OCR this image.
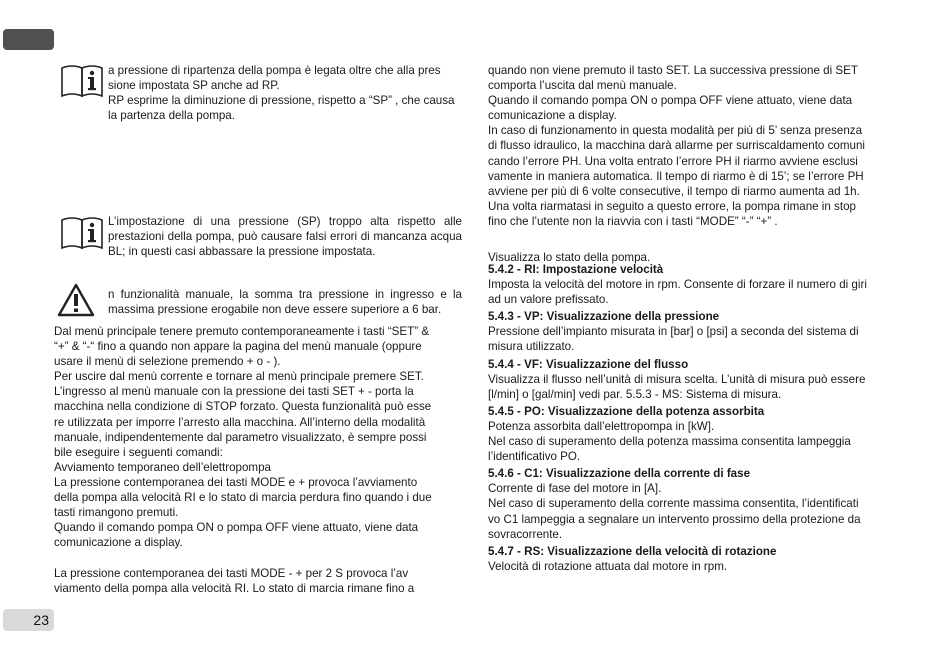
a pressione di ripartenza della pompa è legata oltre che alla pres
sione impostata SP anche ad RP.
RP esprime la diminuzione di pressione, rispetto a “SP” , che causa
la partenza della pompa.

L’impostazione di una pressione (SP) troppo alta rispetto alle prestazioni della pompa, può causare falsi errori di mancanza acqua BL; in questi casi abbassare la pressione impostata.

n funzionalità manuale, la somma tra pressione in ingresso e la massima pressione erogabile non deve essere superiore a 6 bar.

Dal menù principale tenere premuto contemporaneamente i tasti “SET” &
“+” & “-“ fino a quando non appare la pagina del menù manuale (oppure
usare il menù di selezione premendo + o - ).
Per uscire dal menù corrente e tornare al menù principale premere SET.
L’ingresso al menù manuale con la pressione dei tasti SET + - porta la
macchina nella condizione di STOP forzato. Questa funzionalità può esse
re utilizzata per imporre l’arresto alla macchina. All’interno della modalità
manuale, indipendentemente dal parametro visualizzato, è sempre possi
bile eseguire i seguenti comandi:
Avviamento temporaneo dell’elettropompa
La pressione contemporanea dei tasti MODE e + provoca l’avviamento
della pompa alla velocità RI e lo stato di marcia perdura fino quando i due
tasti rimangono premuti.
Quando il comando pompa ON o pompa OFF viene attuato, viene data
comunicazione a display.
La pressione contemporanea dei tasti MODE - + per 2 S provoca l’av
viamento della pompa alla velocità RI. Lo stato di marcia rimane fino a
quando non viene premuto il tasto SET. La successiva pressione di SET
comporta l’uscita dal menù manuale.
Quando il comando pompa ON o pompa OFF viene attuato, viene data
comunicazione a display.
In caso di funzionamento in questa modalità per più di 5’ senza presenza
di flusso idraulico, la macchina darà allarme per surriscaldamento comuni
cando l’errore PH. Una volta entrato l’errore PH il riarmo avviene esclusi
vamente in maniera automatica. Il tempo di riarmo è di 15’; se l’errore PH
avviene per più di 6 volte consecutive, il tempo di riarmo aumenta ad 1h.
Una volta riarmatasi in seguito a questo errore, la pompa rimane in stop
fino che l’utente non la riavvia con i tasti “MODE” “-” “+” .
Visualizza lo stato della pompa.
5.4.2 - RI: Impostazione velocità
Imposta la velocità del motore in rpm. Consente di forzare il numero di giri
ad un valore prefissato.
5.4.3 - VP: Visualizzazione della pressione
Pressione dell’impianto misurata in [bar] o [psi] a seconda del sistema di
misura utilizzato.
5.4.4 - VF: Visualizzazione del flusso
Visualizza il flusso nell’unità di misura scelta. L’unità di misura può essere
[l/min] o [gal/min] vedi par. 5.5.3 - MS: Sistema di misura.
5.4.5 - PO: Visualizzazione della potenza assorbita
Potenza assorbita dall’elettropompa in [kW].
Nel caso di superamento della potenza massima consentita lampeggia
l’identificativo PO.
5.4.6 - C1: Visualizzazione della corrente di fase
Corrente di fase del motore in [A].
Nel caso di superamento della corrente massima consentita, l’identificati
vo C1 lampeggia a segnalare un intervento prossimo della protezione da
sovracorrente.
5.4.7 - RS: Visualizzazione della velocità di rotazione
Velocità di rotazione attuata dal motore in rpm.
23
